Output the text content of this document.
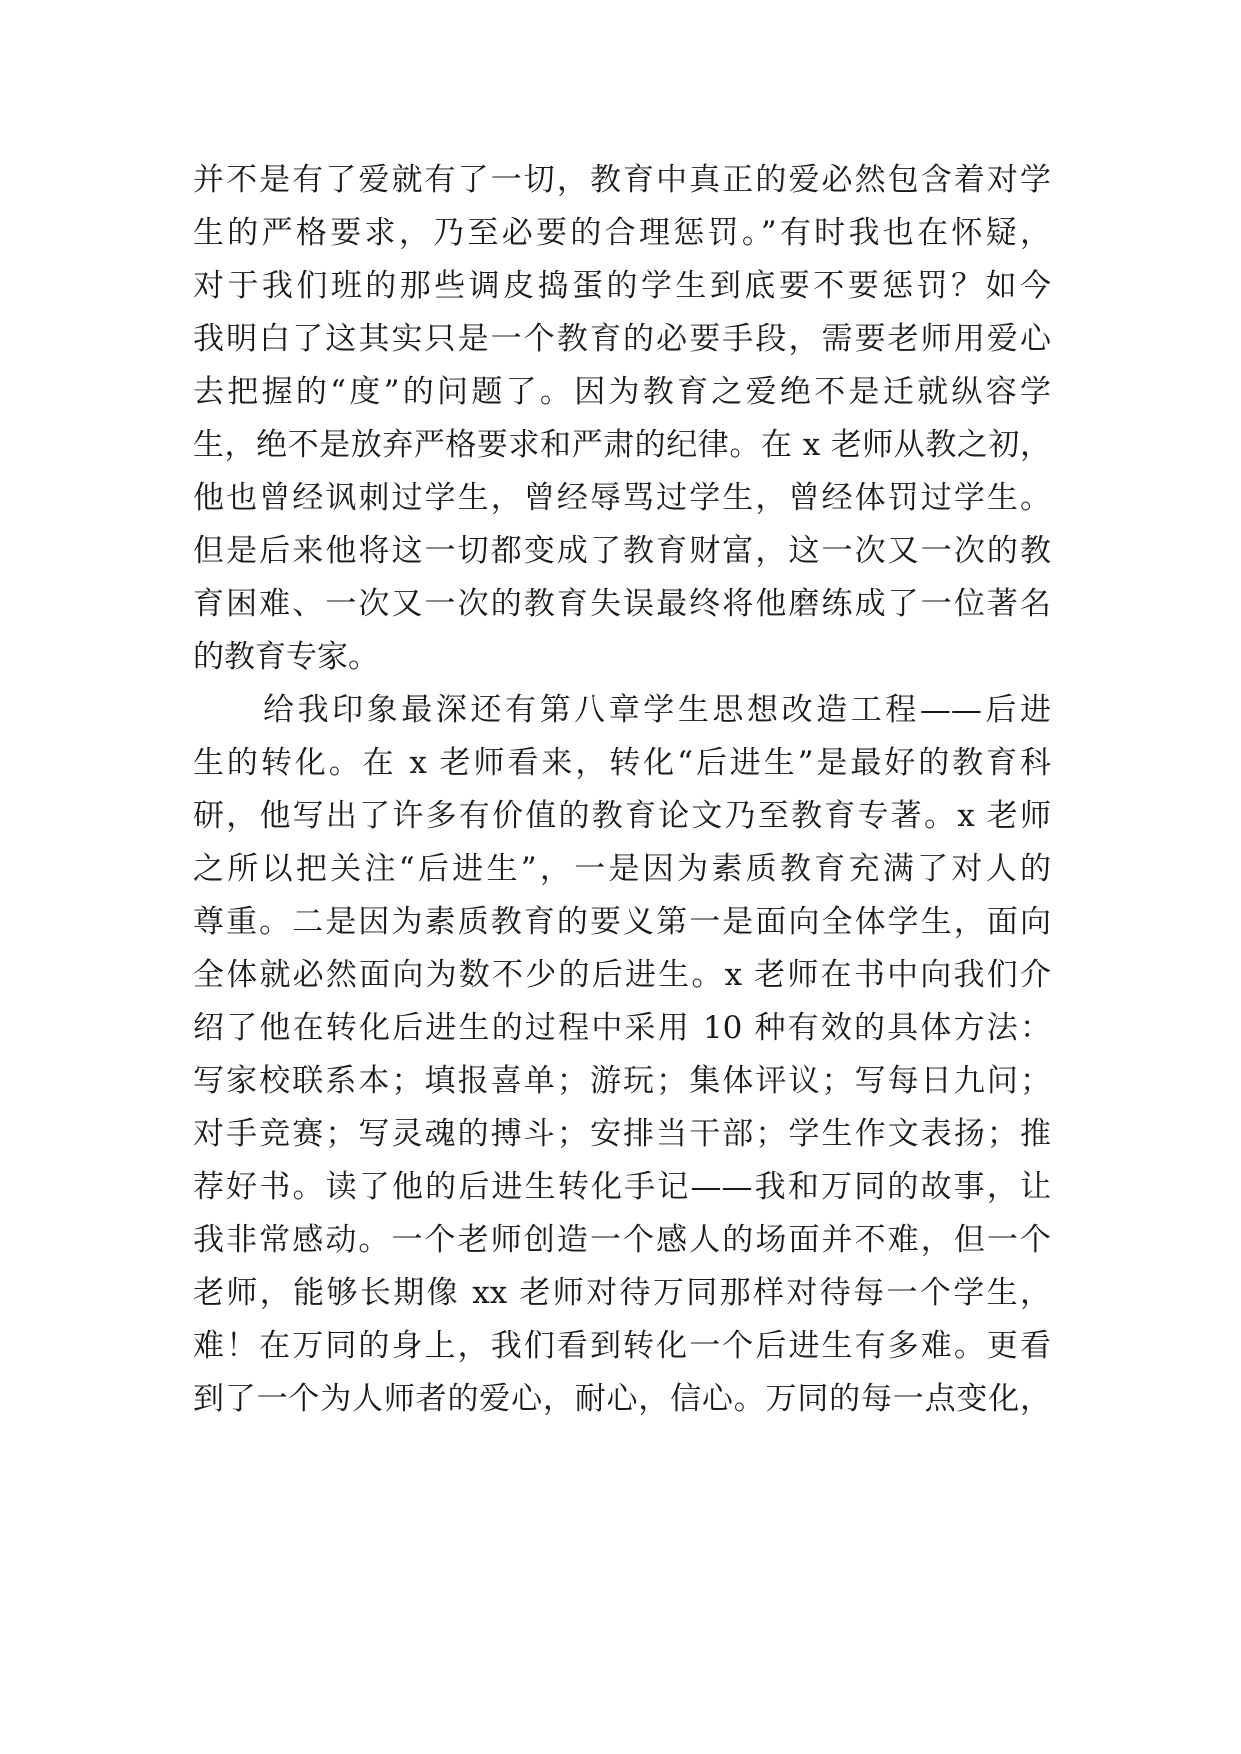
并不是有了爱就有了一切，教育中真正的爱必然包含着对学
生的严格要求，乃至必要的合理惩罚。”有时我也在怀疑，
对于我们班的那些调皮捣蛋的学生到底要不要惩罚？如今
我明白了这其实只是一个教育的必要手段，需要老师用爱心
去把握的“度”的问题了。因为教育之爱绝不是迁就纵容学
生，绝不是放弃严格要求和严肃的纪律。在 x 老师从教之初，
他也曾经讽刺过学生，曾经辱骂过学生，曾经体罚过学生。
但是后来他将这一切都变成了教育财富，这一次又一次的教
育困难、一次又一次的教育失误最终将他磨练成了一位著名
的教育专家。
给我印象最深还有第八章学生思想改造工程——后进
生的转化。在 x 老师看来，转化“后进生”是最好的教育科
研，他写出了许多有价值的教育论文乃至教育专著。x 老师
之所以把关注“后进生”，一是因为素质教育充满了对人的
尊重。二是因为素质教育的要义第一是面向全体学生，面向
全体就必然面向为数不少的后进生。x 老师在书中向我们介
绍了他在转化后进生的过程中采用 10 种有效的具体方法：
写家校联系本；填报喜单；游玩；集体评议；写每日九问；
对手竞赛；写灵魂的搏斗；安排当干部；学生作文表扬；推
荐好书。读了他的后进生转化手记——我和万同的故事，让
我非常感动。一个老师创造一个感人的场面并不难，但一个
老师，能够长期像 xx 老师对待万同那样对待每一个学生，
难！在万同的身上，我们看到转化一个后进生有多难。更看
到了一个为人师者的爱心，耐心，信心。万同的每一点变化，
